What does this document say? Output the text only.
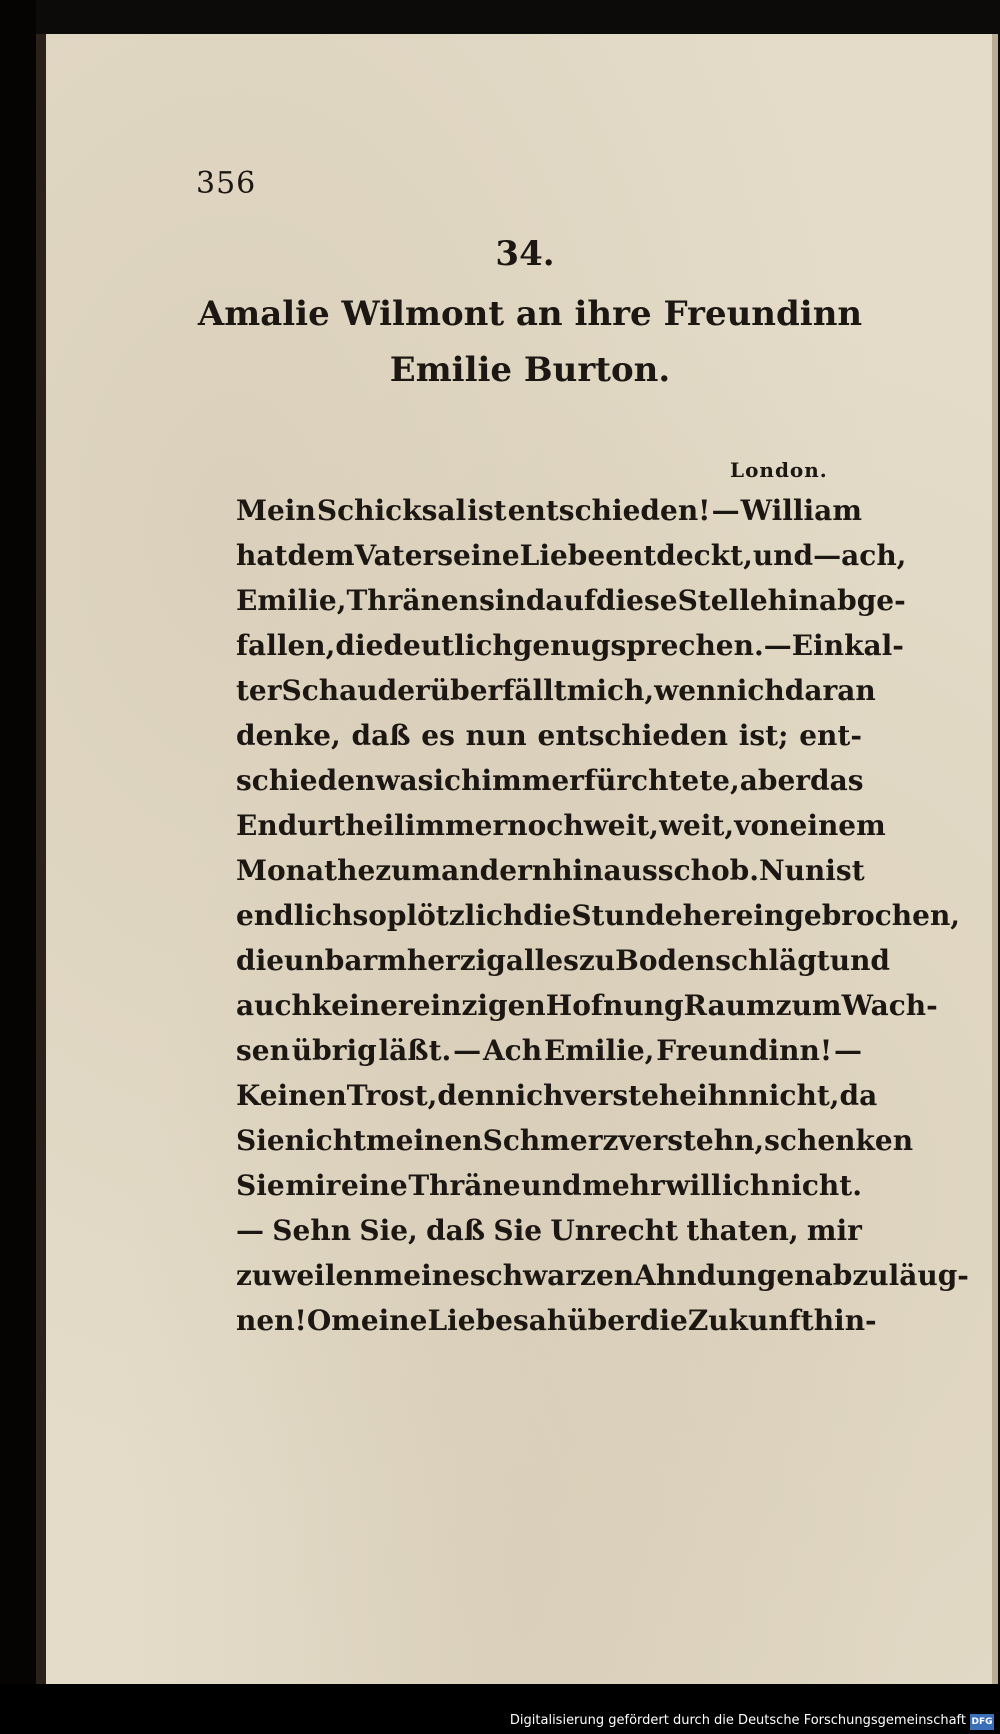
356
34.
Amalie Wilmont an ihre Freundinn
Emilie Burton.
London.
Mein Schicksal ist entschieden! — William
hat dem Vater seine Liebe entdeckt, und — ach,
Emilie, Thränen sind auf diese Stelle hinabge-
fallen, die deutlich genug sprechen. — Ein kal-
ter Schauder überfällt mich, wenn ich daran
denke, daß es nun entschieden ist; ent-
schieden was ich immer fürchtete, aber das
Endurtheil immer noch weit, weit, von einem
Monathe zum andern hinausschob. Nun ist
endlich so plötzlich die Stunde hereingebrochen,
die unbarmherzig alles zu Boden schlägt und
auch keiner einzigen Hofnung Raum zum Wach-
sen übrig läßt. — Ach Emilie, Freundinn! —
Keinen Trost, denn ich verstehe ihn nicht, da
Sie nicht meinen Schmerz verstehn, schenken
Sie mir eine Thräne und mehr will ich nicht.
— Sehn Sie, daß Sie Unrecht thaten, mir
zuweilen meine schwarzen Ahndungen abzuläug-
nen! O meine Liebe sah über die Zukunft hin-
Digitalisierung gefördert durch die Deutsche Forschungsgemeinschaft DFG
